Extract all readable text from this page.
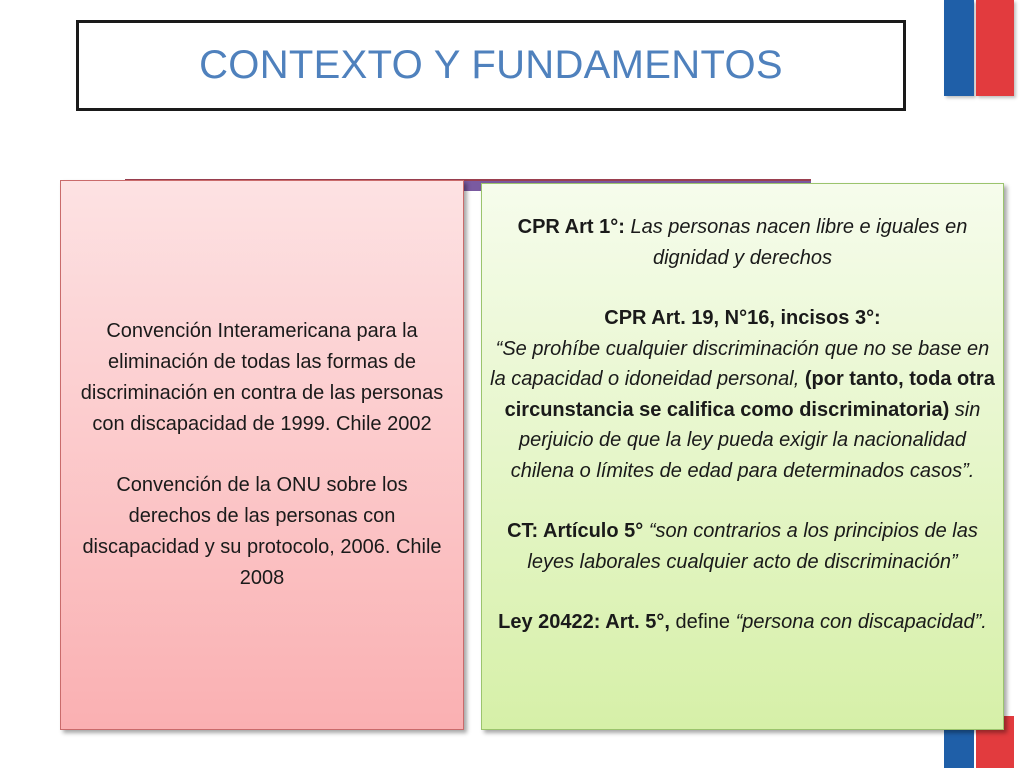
CONTEXTO Y FUNDAMENTOS

Convención Interamericana para la eliminación de todas las formas de discriminación en contra de las personas con discapacidad de 1999. Chile 2002

Convención de la ONU sobre los derechos de las personas con discapacidad y su protocolo, 2006. Chile 2008

CPR Art 1°: Las personas nacen libre e iguales en dignidad y derechos

CPR Art. 19, N°16, incisos 3°:
“Se prohíbe cualquier discriminación que no se base en la capacidad o idoneidad personal, (por tanto, toda otra circunstancia se califica como discriminatoria) sin perjuicio de que la ley pueda exigir la nacionalidad chilena o límites de edad para determinados casos”.

CT: Artículo 5° “son contrarios a los principios de las leyes laborales cualquier acto de discriminación”

Ley 20422: Art. 5°, define “persona con discapacidad”.
